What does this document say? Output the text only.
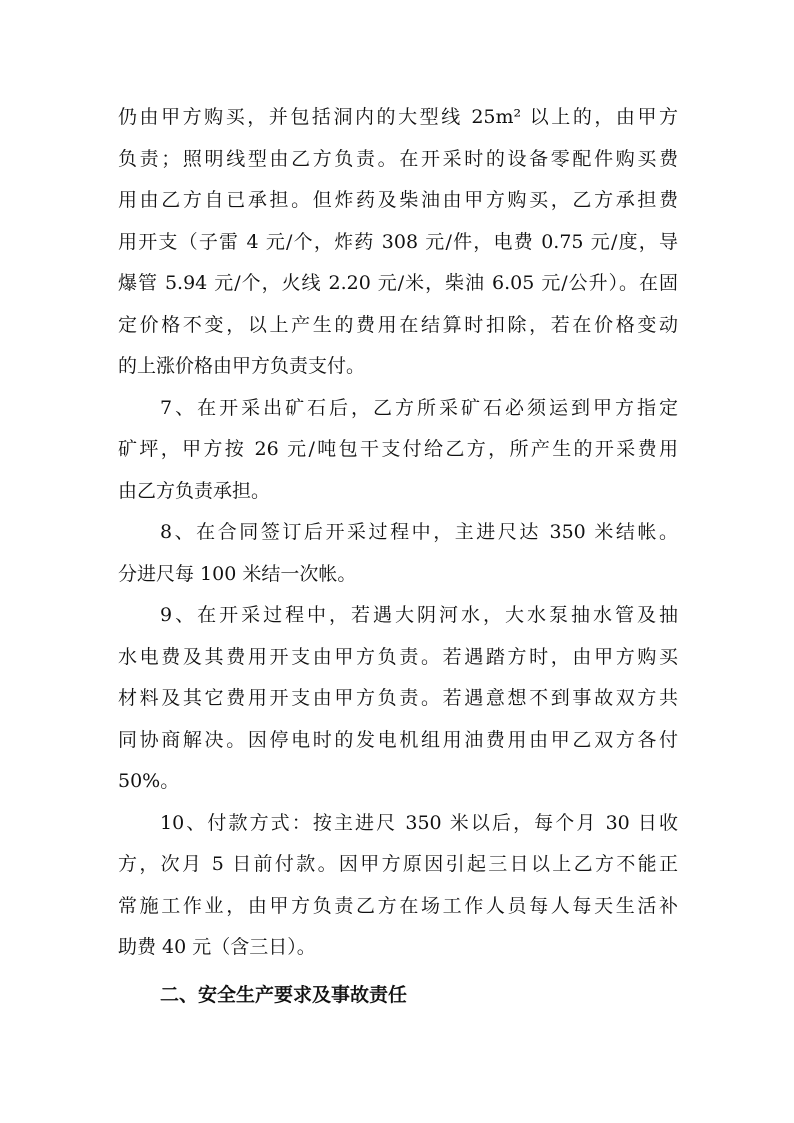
仍由甲方购买，并包括洞内的大型线 25m² 以上的，由甲方
负责；照明线型由乙方负责。在开采时的设备零配件购买费
用由乙方自已承担。但炸药及柴油由甲方购买，乙方承担费
用开支（子雷 4 元/个，炸药 308 元/件，电费 0.75 元/度，导
爆管 5.94 元/个，火线 2.20 元/米，柴油 6.05 元/公升）。在固
定价格不变，以上产生的费用在结算时扣除，若在价格变动
的上涨价格由甲方负责支付。
7、在开采出矿石后，乙方所采矿石必须运到甲方指定
矿坪，甲方按 26 元/吨包干支付给乙方，所产生的开采费用
由乙方负责承担。
8、在合同签订后开采过程中，主进尺达 350 米结帐。
分进尺每 100 米结一次帐。
9、在开采过程中，若遇大阴河水，大水泵抽水管及抽
水电费及其费用开支由甲方负责。若遇踏方时，由甲方购买
材料及其它费用开支由甲方负责。若遇意想不到事故双方共
同协商解决。因停电时的发电机组用油费用由甲乙双方各付
50%。
10、付款方式：按主进尺 350 米以后，每个月 30 日收
方，次月 5 日前付款。因甲方原因引起三日以上乙方不能正
常施工作业，由甲方负责乙方在场工作人员每人每天生活补
助费 40 元（含三日）。
二、安全生产要求及事故责任
